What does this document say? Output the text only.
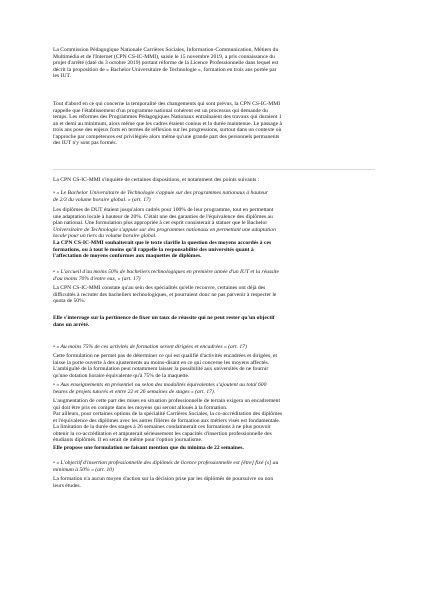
La Commission Pédagogique Nationale Carrières Sociales, Information-Communication, Métiers du
Multimédia et de l'Internet (CPN CS-IC-MMI), saisie le 15 novembre 2019, a pris connaissance du
projet d'arrêté (daté du 3 octobre 2019) portant réforme de la Licence Professionnelle dans lequel est
décrit la proposition de « Bachelor Universitaire de Technologie », formation en trois ans portée par
les IUT.
Tout d'abord en ce qui concerne la temporalité des changements qui sont prévus, la CPN CS-IC-MMI
rappelle que l'établissement d'un programme national cohérent est un processus qui demande du
temps. Les réformes des Programmes Pédagogiques Nationaux entraînaient des travaux qui duraient 1
an et demi au minimum, alors même que les cadres étaient connus et la durée maintenue. Le passage à
trois ans pose des enjeux forts en termes de réflexion sur les progressions, surtout dans un contexte où
l'approche par compétences est privilégiée alors même qu'une grande part des personnels permanents
des IUT n'y sont pas formés.
La CPN CS-IC-MMI s'inquiète de certaines dispositions, et notamment des points suivants :
• « Le Bachelor Universitaire de Technologie s'appuie sur des programmes nationaux à hauteur
de 2/3 du volume horaire global. » (art. 17)
Les diplômes de DUT étaient jusqu'alors cadrés pour 100% de leur programme, tout en permettant
une adaptation locale à hauteur de 20%. C'était une des garanties de l'équivalence des diplômes au
plan national. Une formulation plus appropriée à cet esprit consisterait à statuer que le Bachelor
Universitaire de Technologie s'appuie sur des programmes nationaux en permettant une adaptation
locale pour un tiers du volume horaire global.
La CPN CS-IC-MMI souhaiterait que le texte clarifie la question des moyens accordés à ces
formations, ou à tout le moins qu'il rappelle la responsabilité des universités quant à
l'affectation de moyens conformes aux maquettes de diplômes.
• « L'accueil d'au moins 50% de bacheliers technologiques en première année d'un IUT et la réussite
d'au moins 70% d'entre eux, » (art. 17)
La CPN CS-IC-MMI constate qu'au sein des spécialités qu'elle recouvre, certaines ont déjà des
difficultés à recruter des bacheliers technologiques, et pourraient donc ne pas parvenir à respecter le
quota de 50%.
Elle s'interroge sur la pertinence de fixer un taux de réussite qui ne peut rester qu'un objectif
dans un arrêté.
• « Au moins 75% de ces activités de formation seront dirigées et encadrées » (art. 17)
Cette formulation ne permet pas de déterminer ce qui est qualifié d'activités encadrées et dirigées, et
laisse la porte ouverte à des ajustements au moins-disant en ce qui concerne les moyens affectés.
L'ambiguïté de la formulation peut notamment laisser la possibilité aux universités de ne fournir
qu'une dotation horaire équivalente qu'à 75% de la maquette.
• « Aux enseignements en présentiel ou selon des modalités équivalentes s'ajoutent au total 600
heures de projets tutorés et entre 22 et 26 semaines de stages » (art. 17).
L'augmentation de cette part des mises en situation professionnelle de terrain exigera un encadrement
qui doit être pris en compte dans les moyens qui seront alloués à la formation.
Par ailleurs, pour certaines options de la spécialité Carrières Sociales, la co-accréditation des diplômes
et l'équivalence des diplômes avec les autres filières de formation aux métiers visés est fondamentale.
La limitation de la durée des stages à 26 semaines condamnerait ces formations à ne plus pouvoir
obtenir la co-accréditation et amputerait sérieusement les capacités d'insertion professionnelle des
étudiants diplômés. Il en serait de même pour l'option journalisme.
Elle propose une formulation ne faisant mention que du minima de 22 semaines.
• « L'objectif d'insertion professionnelle des diplômés de licence professionnelle est [être] fixé [s] au
minimum à 50% » (art. 10)
La formation n'a aucun moyen d'action sur la décision prise par les diplômés de poursuivre ou non
leurs études.
